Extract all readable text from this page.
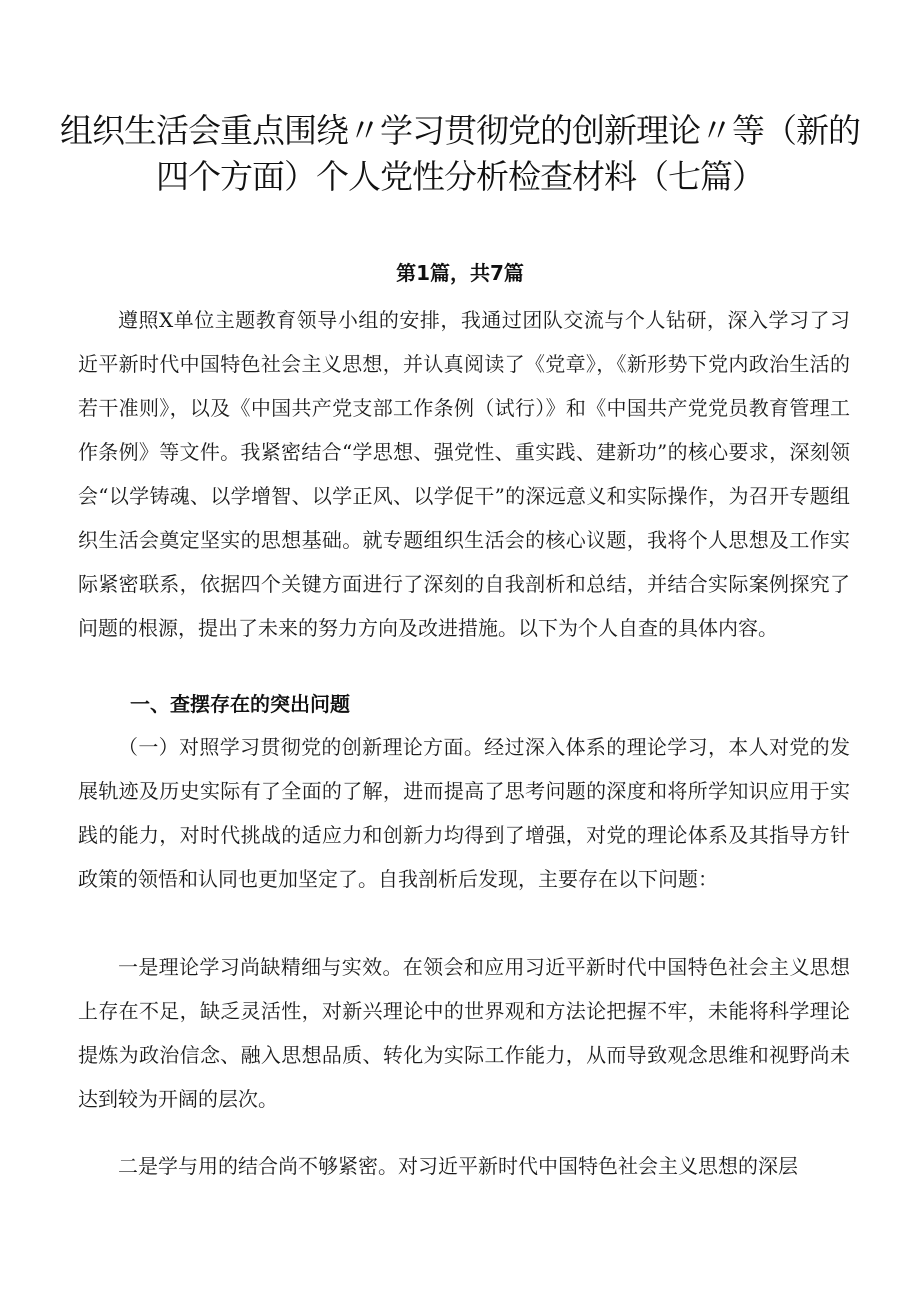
组织生活会重点围绕〃学习贯彻党的创新理论〃等（新的四个方面）个人党性分析检查材料（七篇）
第1篇，共7篇

遵照X单位主题教育领导小组的安排，我通过团队交流与个人钻研，深入学习了习近平新时代中国特色社会主义思想，并认真阅读了《党章》，《新形势下党内政治生活的若干准则》，以及《中国共产党支部工作条例（试行）》和《中国共产党党员教育管理工作条例》等文件。我紧密结合“学思想、强党性、重实践、建新功”的核心要求，深刻领会“以学铸魂、以学增智、以学正风、以学促干”的深远意义和实际操作，为召开专题组织生活会奠定坚实的思想基础。就专题组织生活会的核心议题，我将个人思想及工作实际紧密联系，依据四个关键方面进行了深刻的自我剖析和总结，并结合实际案例探究了问题的根源，提出了未来的努力方向及改进措施。以下为个人自查的具体内容。

一、查摆存在的突出问题

（一）对照学习贯彻党的创新理论方面。经过深入体系的理论学习，本人对党的发展轨迹及历史实际有了全面的了解，进而提高了思考问题的深度和将所学知识应用于实践的能力，对时代挑战的适应力和创新力均得到了增强，对党的理论体系及其指导方针政策的领悟和认同也更加坚定了。自我剖析后发现，主要存在以下问题：

一是理论学习尚缺精细与实效。在领会和应用习近平新时代中国特色社会主义思想上存在不足，缺乏灵活性，对新兴理论中的世界观和方法论把握不牢，未能将科学理论提炼为政治信念、融入思想品质、转化为实际工作能力，从而导致观念思维和视野尚未达到较为开阔的层次。

二是学与用的结合尚不够紧密。对习近平新时代中国特色社会主义思想的深层
